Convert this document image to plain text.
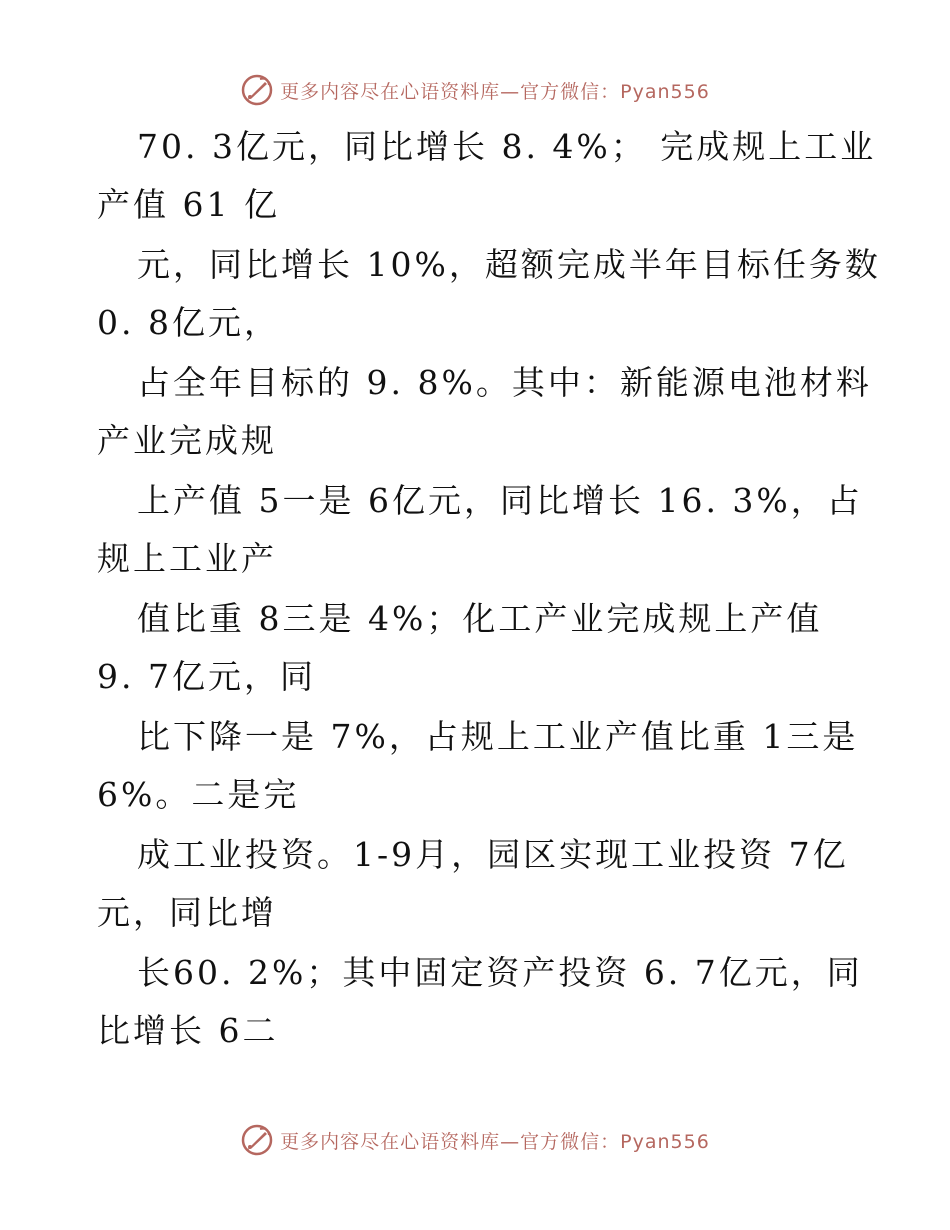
更多内容尽在心语资料库—官方微信：Pyan556
70. 3亿元，同比增长 8. 4%； 完成规上工业
产值 61 亿
元，同比增长 10%，超额完成半年目标任务数
0. 8亿元，
占全年目标的 9. 8%。其中：新能源电池材料
产业完成规
上产值 5一是 6亿元，同比增长 16. 3%，占
规上工业产
值比重 8三是 4%；化工产业完成规上产值
9. 7亿元，同
比下降一是 7%，占规上工业产值比重 1三是
6%。二是完
成工业投资。1-9月，园区实现工业投资 7亿
元，同比增
长60. 2%；其中固定资产投资 6. 7亿元，同
比增长 6二
更多内容尽在心语资料库—官方微信：Pyan556
